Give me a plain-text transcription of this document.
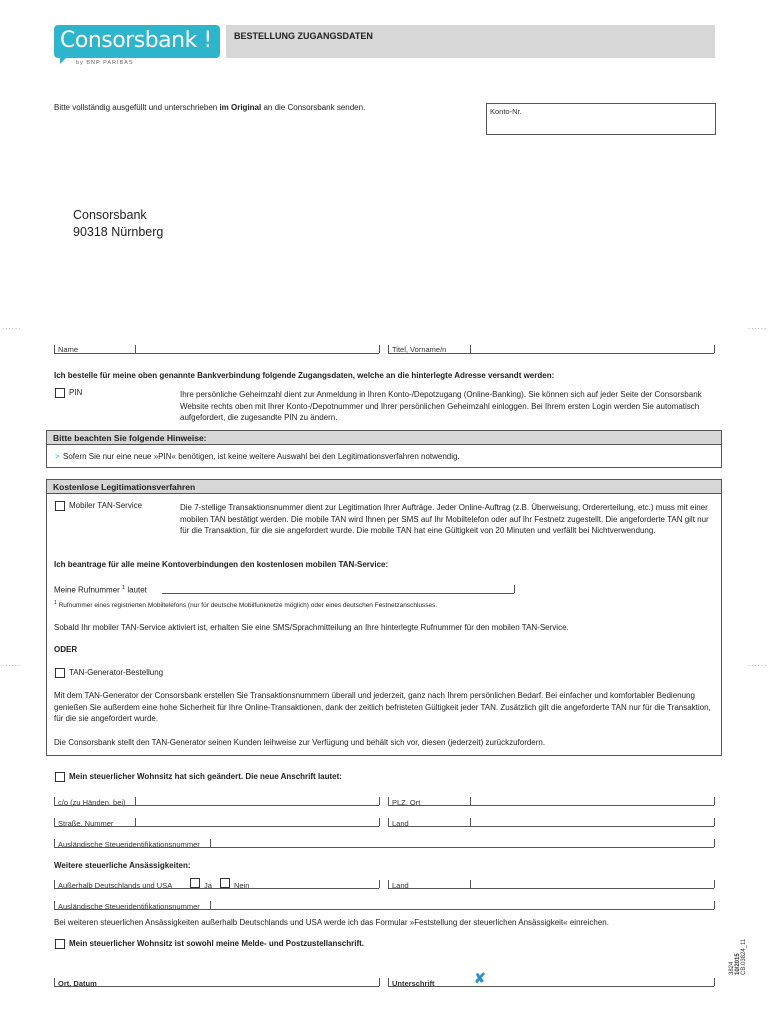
Consorsbank !
by BNP PARIBAS
BESTELLUNG ZUGANGSDATEN
Bitte vollständig ausgefüllt und unterschrieben im Original an die Consorsbank senden.	Konto-Nr.
Consorsbank
90318 Nürnberg
......	......
Name	Titel, Vorname/n
Ich bestelle für meine oben genannte Bankverbindung folgende Zugangsdaten, welche an die hinterlegte Adresse versandt werden:
PIN	Ihre persönliche Geheimzahl dient zur Anmeldung in Ihren Konto-/Depotzugang (Online-Banking). Sie können sich auf jeder Seite der Consorsbank Website rechts oben mit Ihrer Konto-/Depotnummer und Ihrer persönlichen Geheimzahl einloggen. Bei Ihrem ersten Login werden Sie automatisch aufgefordert, die zugesandte PIN zu ändern.
Bitte beachten Sie folgende Hinweise:
> Sofern Sie nur eine neue »PIN« benötigen, ist keine weitere Auswahl bei den Legitimationsverfahren notwendig.
Kostenlose Legitimationsverfahren
Mobiler TAN-Service	Die 7-stellige Transaktionsnummer dient zur Legitimation Ihrer Aufträge. Jeder Online-Auftrag (z.B. Überweisung, Ordererteilung, etc.) muss mit einer mobilen TAN bestätigt werden. Die mobile TAN wird Ihnen per SMS auf Ihr Mobiltelefon oder auf Ihr Festnetz zugestellt. Die angeforderte TAN gilt nur für die Transaktion, für die sie angefordert wurde. Die mobile TAN hat eine Gültigkeit von 20 Minuten und verfällt bei Nichtverwendung.
Ich beantrage für alle meine Kontoverbindungen den kostenlosen mobilen TAN-Service:
Meine Rufnummer $^1$ lautet
$^1$ Rufnummer eines registrierten Mobiltelefons (nur für deutsche Mobilfunknetze möglich) oder eines deutschen Festnetzanschlusses.
Sobald Ihr mobiler TAN-Service aktiviert ist, erhalten Sie eine SMS/Sprachmitteilung an Ihre hinterlegte Rufnummer für den mobilen TAN-Service.
ODER
......	......
TAN-Generator-Bestellung
Mit dem TAN-Generator der Consorsbank erstellen Sie Transaktionsnummern überall und jederzeit, ganz nach Ihrem persönlichen Bedarf. Bei einfacher und komfortabler Bedienung genießen Sie außerdem eine hohe Sicherheit für Ihre Online-Transaktionen, dank der zeitlich befristeten Gültigkeit jeder TAN. Zusätzlich gilt die angeforderte TAN nur für die Transaktion, für die sie angefordert wurde.
Die Consorsbank stellt den TAN-Generator seinen Kunden leihweise zur Verfügung und behält sich vor, diesen (jederzeit) zurückzufordern.
Mein steuerlicher Wohnsitz hat sich geändert. Die neue Anschrift lautet:
c/o (zu Händen, bei)	PLZ, Ort
Straße, Nummer	Land
Ausländische Steueridentifikationsnummer
Weitere steuerliche Ansässigkeiten:
Außerhalb Deutschlands und USA	Ja	Nein	Land
Ausländische Steueridentifikationsnummer
Bei weiteren steuerlichen Ansässigkeiten außerhalb Deutschlands und USA werde ich das Formular »Feststellung der steuerlichen Ansässigkeit« einreichen.
Mein steuerlicher Wohnsitz ist sowohl meine Melde- und Postzustellanschrift.
Ort, Datum	Unterschrift	✘
3824 10/2015 CB.03824_11
